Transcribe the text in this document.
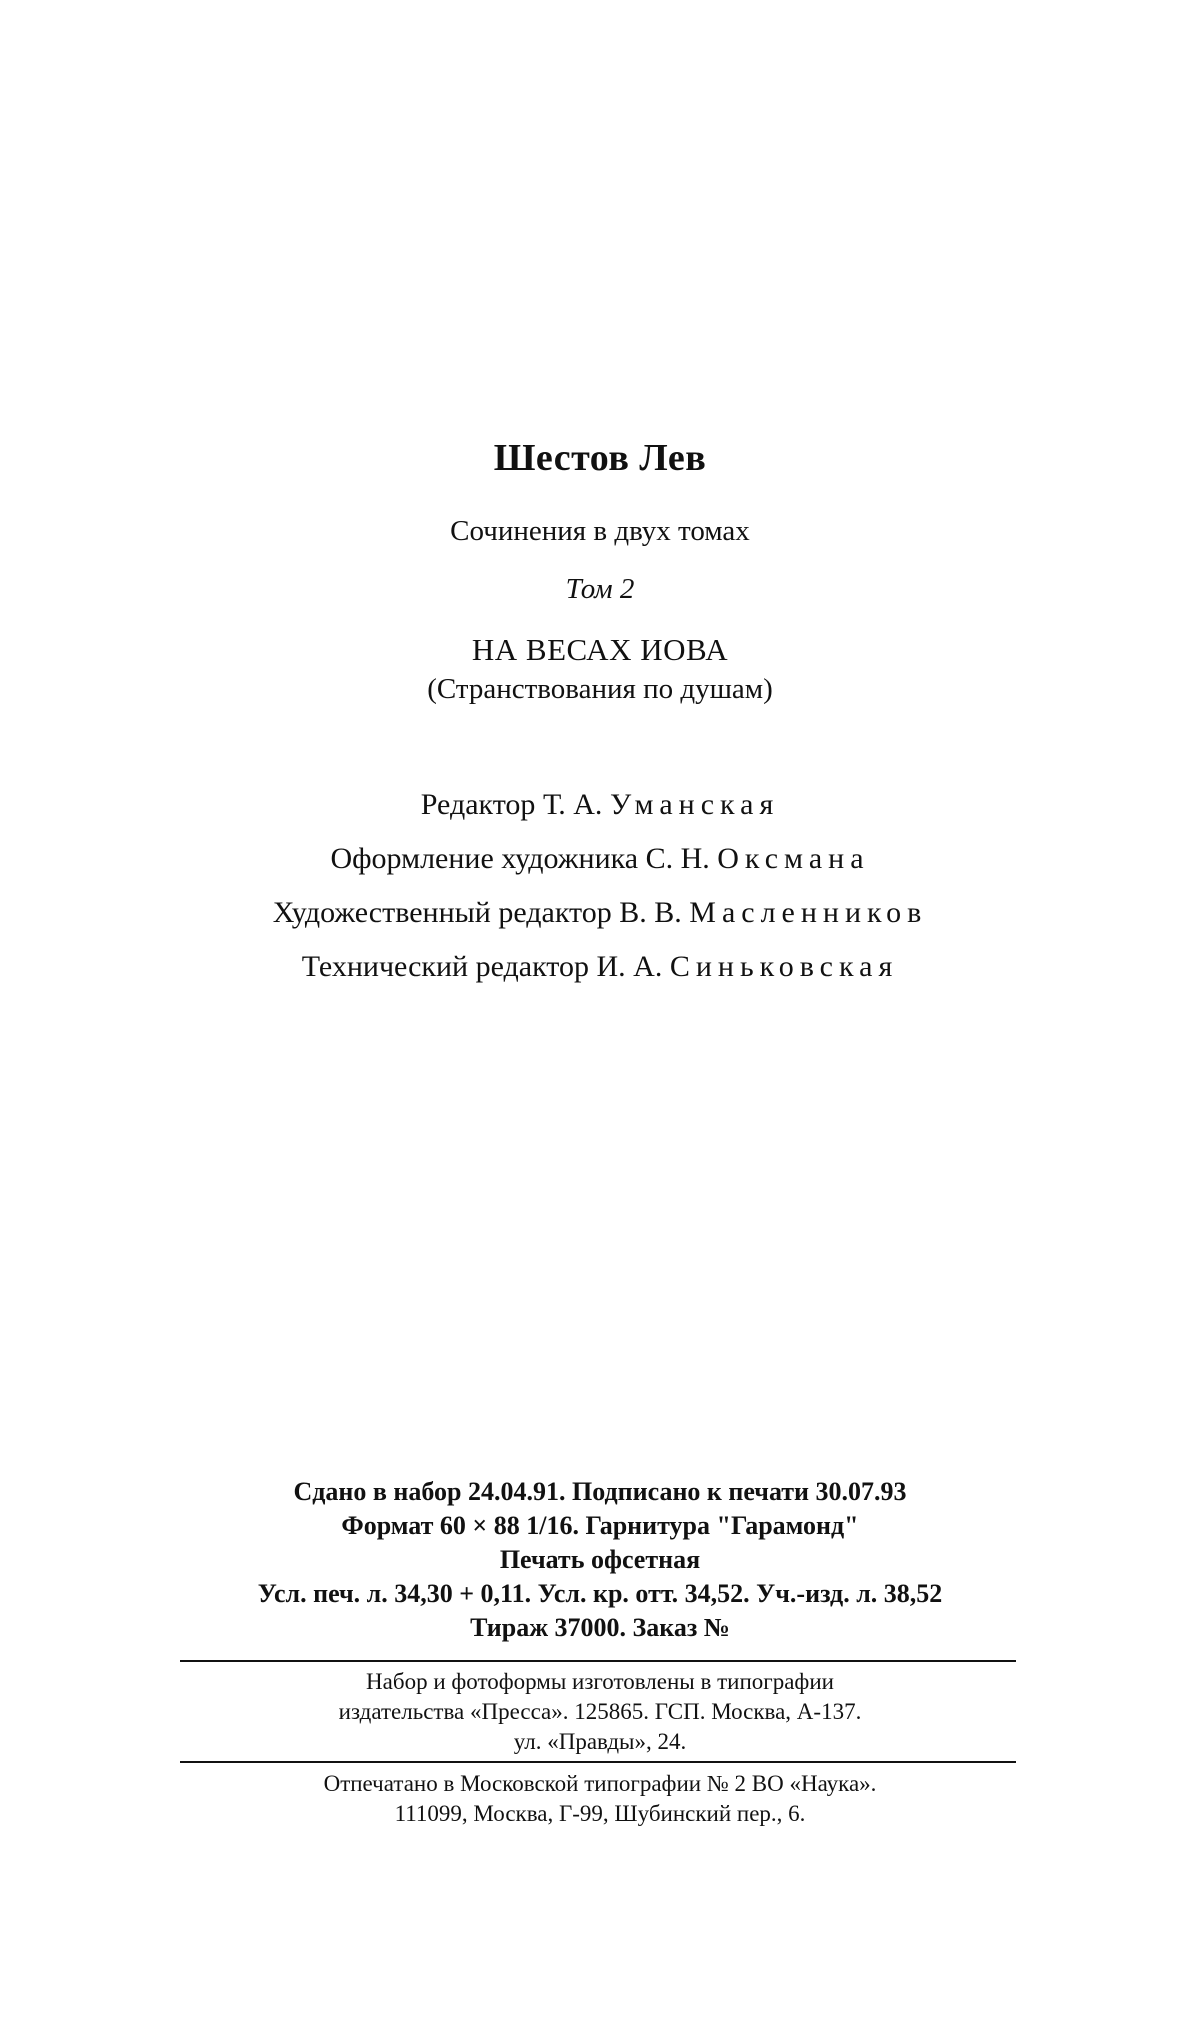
Шестов Лев
Сочинения в двух томах
Том 2
НА ВЕСАХ ИОВА
(Странствования по душам)
Редактор Т. А. Уманская
Оформление художника С. Н. Оксмана
Художественный редактор В. В. Масленников
Технический редактор И. А. Синьковская
Сдано в набор 24.04.91. Подписано к печати 30.07.93
Формат 60 × 88 1/16. Гарнитура "Гарамонд"
Печать офсетная
Усл. печ. л. 34,30 + 0,11. Усл. кр. отт. 34,52. Уч.-изд. л. 38,52
Тираж 37000. Заказ №
Набор и фотоформы изготовлены в типографии
издательства «Пресса». 125865. ГСП. Москва, А-137.
ул. «Правды», 24.
Отпечатано в Московской типографии № 2 ВО «Наука».
111099, Москва, Г-99, Шубинский пер., 6.
